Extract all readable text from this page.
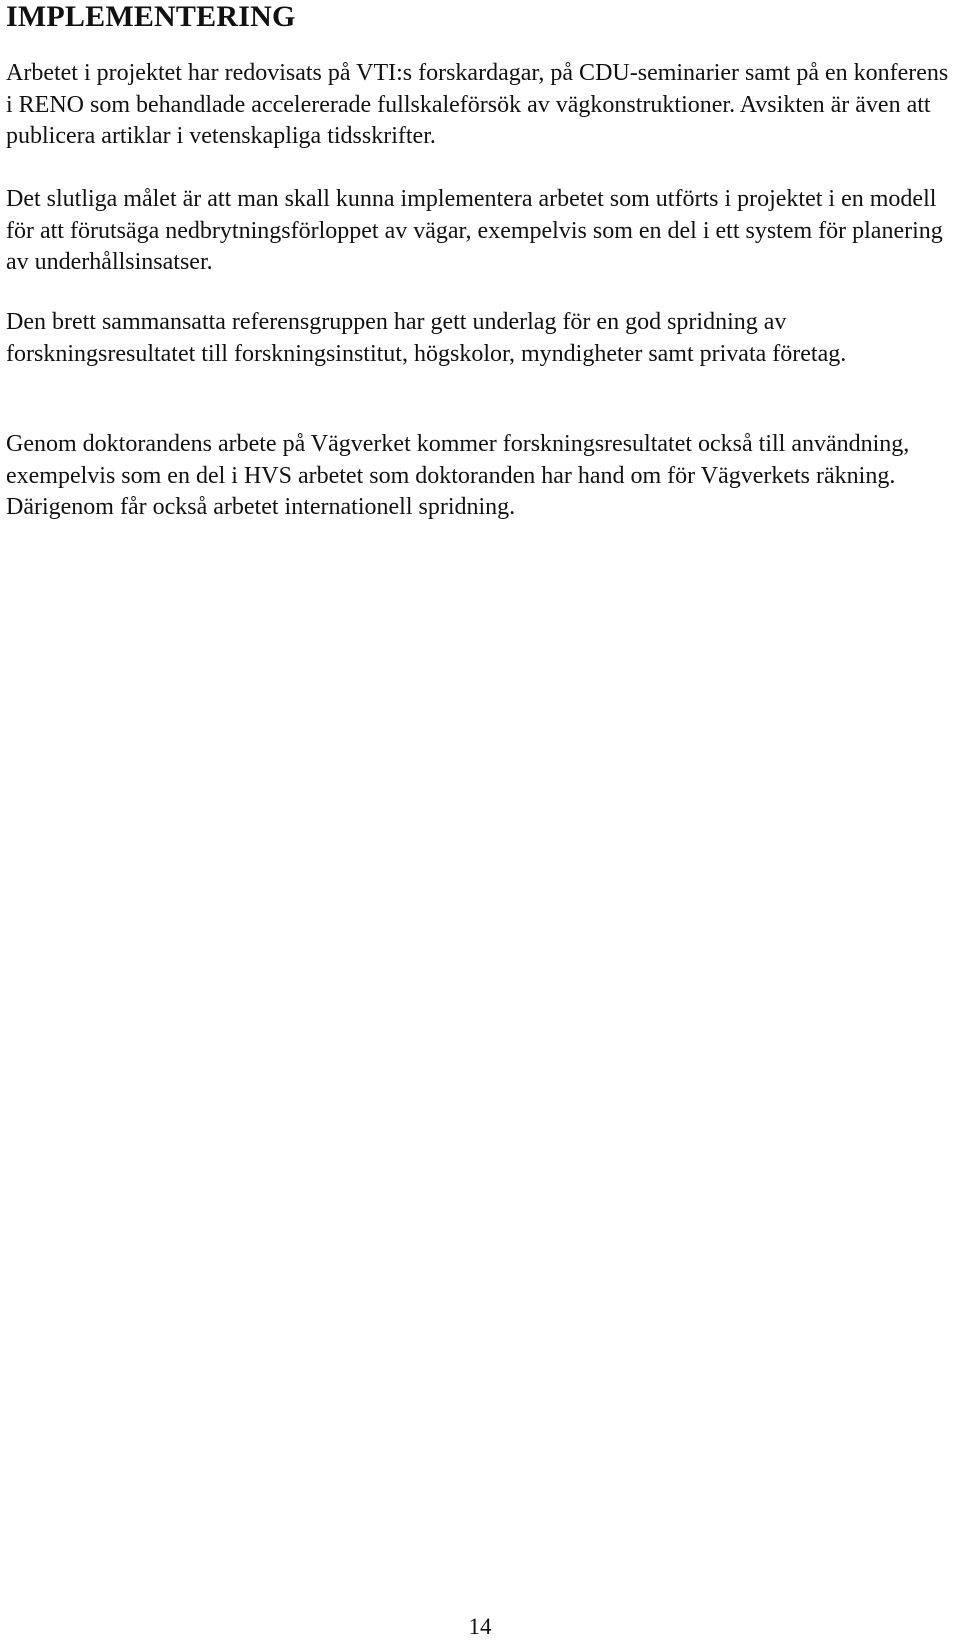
IMPLEMENTERING

Arbetet i projektet har redovisats på VTI:s forskardagar, på CDU-seminarier samt på en konferens i RENO som behandlade accelererade fullskaleförsök av vägkonstruktioner. Avsikten är även att publicera artiklar i vetenskapliga tidsskrifter.

Det slutliga målet är att man skall kunna implementera arbetet som utförts i projektet i en modell för att förutsäga nedbrytningsförloppet av vägar, exempelvis som en del i ett system för planering av underhållsinsatser.

Den brett sammansatta referensgruppen har gett underlag för en god spridning av forskningsresultatet till forskningsinstitut, högskolor, myndigheter samt privata företag.

Genom doktorandens arbete på Vägverket kommer forskningsresultatet också till användning, exempelvis som en del i HVS arbetet som doktoranden har hand om för Vägverkets räkning. Därigenom får också arbetet internationell spridning.

14
